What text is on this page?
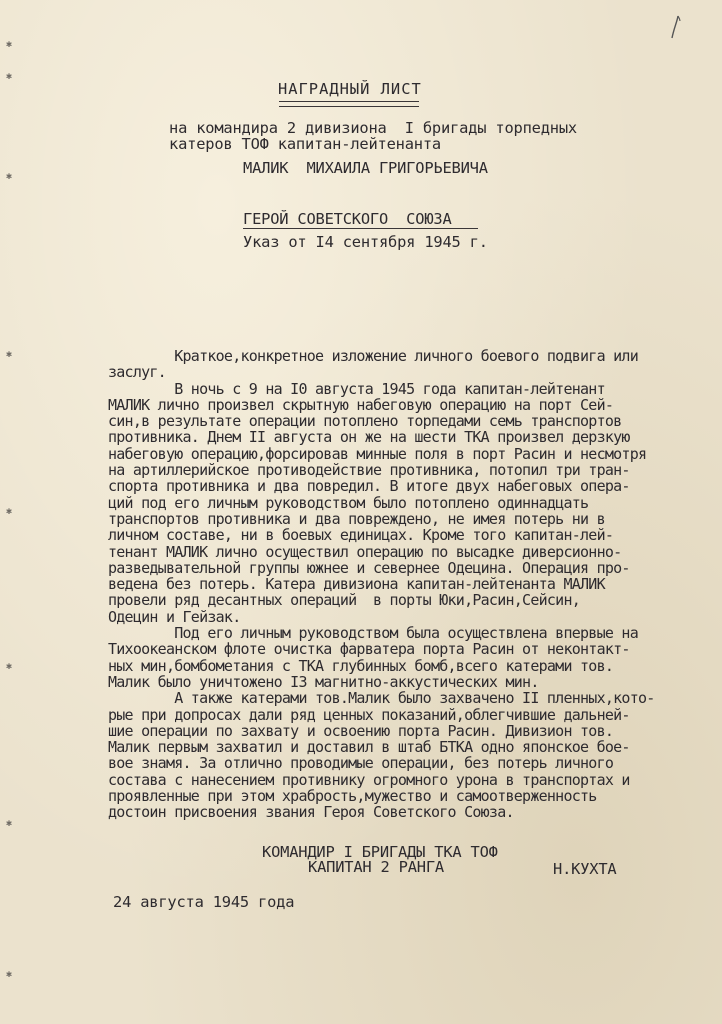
✱
✱
✱
✱
✱
✱
✱
✱
НАГРАДНЫЙ ЛИСТ
на командира 2 дивизиона  I бригады торпедных
катеров ТОФ капитан-лейтенанта
МАЛИК  МИХАИЛА ГРИГОРЬЕВИЧА
ГЕРОЙ СОВЕТСКОГО  СОЮЗА
Указ от I4 сентября 1945 г.
Краткое,конкретное изложение личного боевого подвига или
заслуг.
В ночь с 9 на I0 августа 1945 года капитан-лейтенант
МАЛИК лично произвел скрытную набеговую операцию на порт Сей-
син,в результате операции потоплено торпедами семь транспортов
противника. Днем II августа он же на шести ТКА произвел дерзкую
набеговую операцию,форсировав минные поля в порт Расин и несмотря
на артиллерийское противодействие противника, потопил три тран-
спорта противника и два повредил. В итоге двух набеговых опера-
ций под его личным руководством было потоплено одиннадцать
транспортов противника и два повреждено, не имея потерь ни в
личном составе, ни в боевых единицах. Кроме того капитан-лей-
тенант МАЛИК лично осуществил операцию по высадке диверсионно-
разведывательной группы южнее и севернее Одецина. Операция про-
ведена без потерь. Катера дивизиона капитан-лейтенанта МАЛИК
провели ряд десантных операций  в порты Юки,Расин,Сейсин,
Одецин и Гейзак.
Под его личным руководством была осуществлена впервые на
Тихоокеанском флоте очистка фарватера порта Расин от неконтакт-
ных мин,бомбометания с ТКА глубинных бомб,всего катерами тов.
Малик было уничтожено I3 магнитно-аккустических мин.
А также катерами тов.Малик было захвачено II пленных,кото-
рые при допросах дали ряд ценных показаний,облегчившие дальней-
шие операции по захвату и освоению порта Расин. Дивизион тов.
Малик первым захватил и доставил в штаб БТКА одно японское бое-
вое знамя. За отлично проводимые операции, без потерь личного
состава с нанесением противнику огромного урона в транспортах и
проявленные при этом храбрость,мужество и самоотверженность
достоин присвоения звания Героя Советского Союза.
КОМАНДИР I БРИГАДЫ ТКА ТОФ
КАПИТАН 2 РАНГА	Н.КУХТА
24 августа 1945 года
